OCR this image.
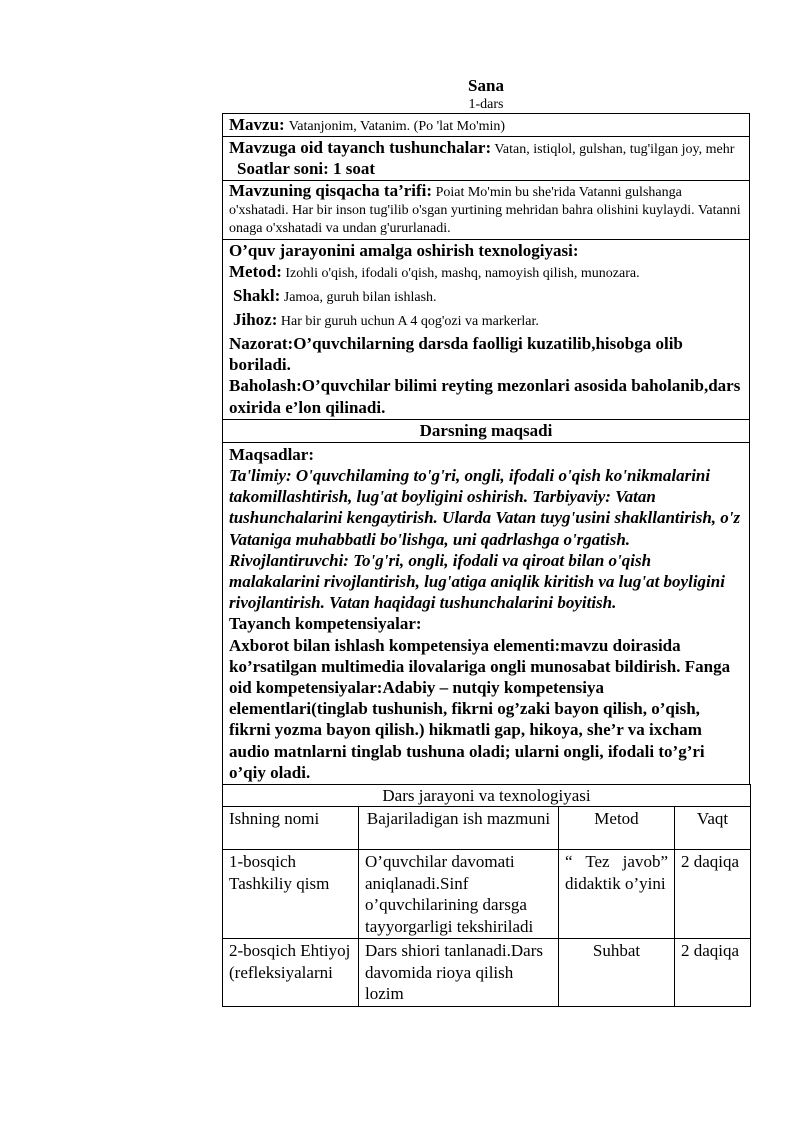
Sana
1-dars
Mavzu: Vatanjonim, Vatanim. (Po 'lat Mo'min)

Mavzuga oid tayanch tushunchalar: Vatan, istiqlol, gulshan, tug'ilgan joy, mehr
Soatlar soni: 1 soat

Mavzuning qisqacha ta’rifi: Poiat Mo'min bu she'rida Vatanni gulshanga o'xshatadi. Har bir inson tug'ilib o'sgan yurtining mehridan bahra olishini kuylaydi. Vatanni onaga o'xshatadi va undan g'ururlanadi.

O’quv jarayonini amalga oshirish texnologiyasi:
Metod: Izohli o'qish, ifodali o'qish, mashq, namoyish qilish, munozara.
Shakl: Jamoa, guruh bilan ishlash.
Jihoz: Har bir guruh uchun A 4 qog'ozi va markerlar.
Nazorat:O’quvchilarning darsda faolligi kuzatilib,hisobga olib boriladi.
Baholash:O’quvchilar bilimi reyting mezonlari asosida baholanib,dars oxirida e’lon qilinadi.

Darsning maqsadi

Maqsadlar:
Ta'limiy: O'quvchilaming to'g'ri, ongli, ifodali o'qish ko'nikmalarini takomillashtirish, lug'at boyligini oshirish. Tarbiyaviy: Vatan tushunchalarini kengaytirish. Ularda Vatan tuyg'usini shakllantirish, o'z Vataniga muhabbatli bo'lishga, uni qadrlashga o'rgatish. Rivojlantiruvchi: To'g'ri, ongli, ifodali va qiroat bilan o'qish malakalarini rivojlantirish, lug'atiga aniqlik kiritish va lug'at boyligini rivojlantirish. Vatan haqidagi tushunchalarini boyitish.
Tayanch kompetensiyalar:
Axborot bilan ishlash kompetensiya elementi:mavzu doirasida ko’rsatilgan multimedia ilovalariga ongli munosabat bildirish. Fanga oid kompetensiyalar:Adabiy – nutqiy kompetensiya elementlari(tinglab tushunish, fikrni og’zaki bayon qilish, o’qish, fikrni yozma bayon qilish.) hikmatli gap, hikoya, she’r va ixcham audio matnlarni tinglab tushuna oladi; ularni ongli, ifodali to’g’ri o’qiy oladi.
Dars jarayoni va texnologiyasi			
Ishning nomi	Bajariladigan ish mazmuni	Metod	Vaqt
1-bosqich Tashkiliy qism	O’quvchilar davomati aniqlanadi.Sinf o’quvchilarining darsga tayyorgarligi tekshiriladi	“ Tez javob” didaktik o’yini	2 daqiqa
2-bosqich Ehtiyoj (refleksiyalarni	Dars shiori tanlanadi.Dars davomida rioya qilish lozim	Suhbat	2 daqiqa
